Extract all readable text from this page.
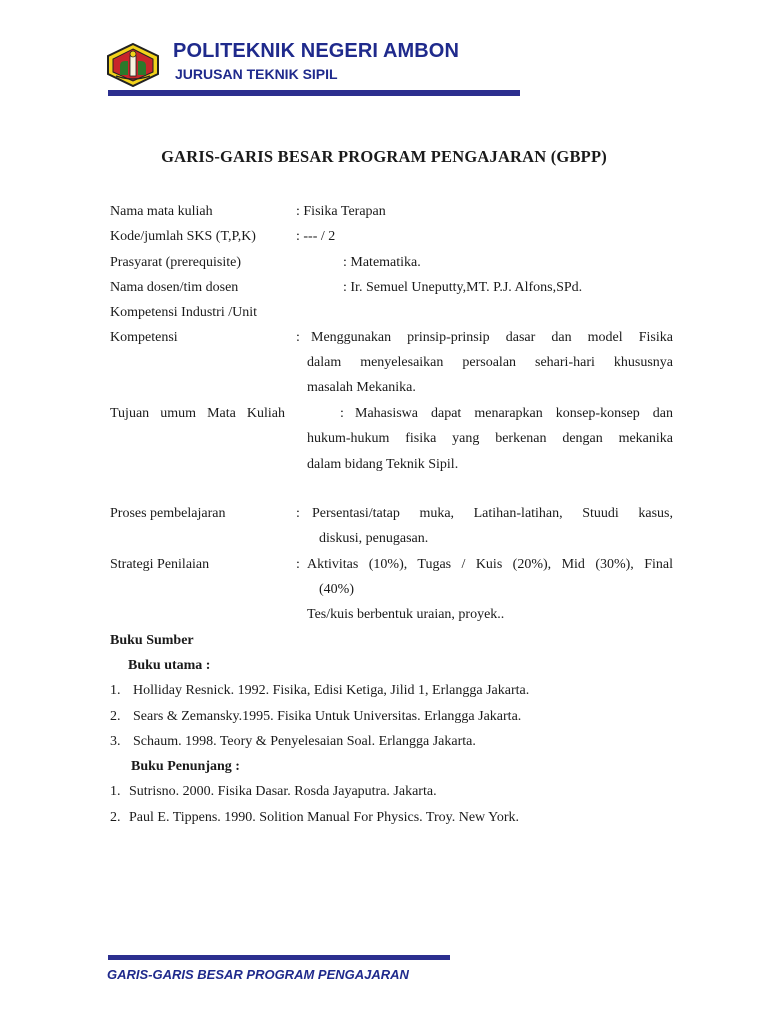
POLITEKNIK NEGERI AMBON
JURUSAN TEKNIK SIPIL
GARIS-GARIS BESAR PROGRAM PENGAJARAN (GBPP)
Nama mata kuliah	: Fisika Terapan
Kode/jumlah SKS (T,P,K)	: --- / 2
Prasyarat (prerequisite)	: Matematika.
Nama dosen/tim dosen	: Ir. Semuel Uneputty,MT. P.J. Alfons,SPd.
Kompetensi Industri /Unit
Kompetensi	: Menggunakan prinsip-prinsip dasar dan model Fisika
dalam menyelesaikan persoalan sehari-hari khususnya
masalah Mekanika.
Tujuan umum Mata Kuliah	: Mahasiswa dapat menarapkan konsep-konsep dan
hukum-hukum fisika yang berkenan dengan mekanika
dalam bidang Teknik Sipil.
Proses pembelajaran	: Persentasi/tatap muka, Latihan-latihan, Stuudi kasus,
diskusi, penugasan.
Strategi Penilaian	: Aktivitas (10%), Tugas / Kuis (20%), Mid (30%), Final
(40%)
Tes/kuis berbentuk uraian, proyek..
Buku Sumber
Buku utama :
1. Holliday Resnick. 1992. Fisika, Edisi Ketiga, Jilid 1, Erlangga Jakarta.
2. Sears & Zemansky.1995. Fisika Untuk Universitas. Erlangga Jakarta.
3. Schaum. 1998. Teory & Penyelesaian Soal. Erlangga Jakarta.
Buku Penunjang :
1. Sutrisno. 2000. Fisika Dasar. Rosda Jayaputra. Jakarta.
2. Paul E. Tippens. 1990. Solition Manual For Physics. Troy. New York.
GARIS-GARIS BESAR PROGRAM PENGAJARAN
